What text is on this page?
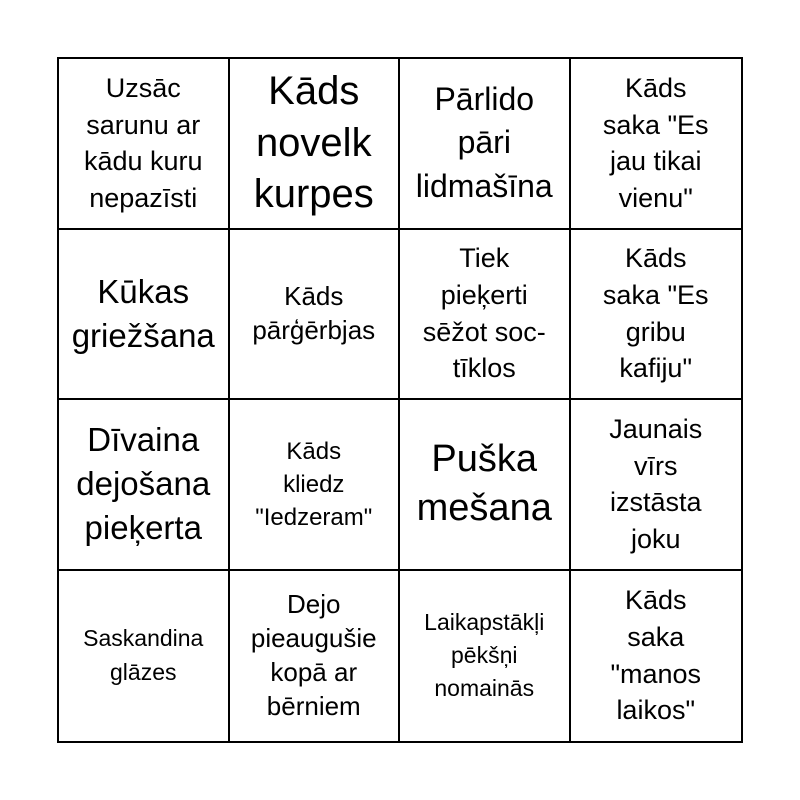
Uzsāc
sarunu ar
kādu kuru
nepazīsti
Kāds
novelk
kurpes
Pārlido
pāri
lidmašīna
Kāds
saka "Es
jau tikai
vienu"
Kūkas
griežšana
Kāds
pārģērbjas
Tiek
pieķerti
sēžot soc-
tīklos
Kāds
saka "Es
gribu
kafiju"
Dīvaina
dejošana
pieķerta
Kāds
kliedz
"Iedzeram"
Puškа
mešana
Jaunais
vīrs
izstāsta
joku
Saskandina
glāzes
Dejo
pieaugušie
kopā ar
bērniem
Laikapstākļi
pēkšņi
nomainās
Kāds
saka
"manos
laikos"
